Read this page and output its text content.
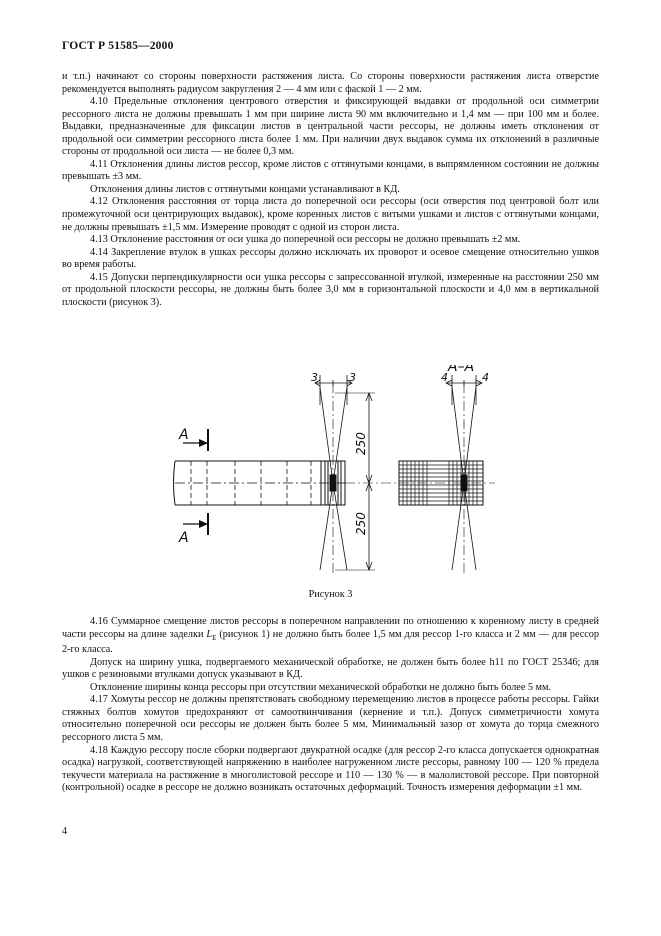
ГОСТ Р 51585—2000

и т.п.) начинают со стороны поверхности растяжения листа. Со стороны поверхности растяжения листа отверстие рекомендуется выполнять радиусом закругления 2 — 4 мм или с фаской 1 — 2 мм.

4.10 Предельные отклонения центрового отверстия и фиксирующей выдавки от продольной оси симметрии рессорного листа не должны превышать 1 мм при ширине листа 90 мм включительно и 1,4 мм — при 100 мм и более. Выдавки, предназначенные для фиксации листов в центральной части рессоры, не должны иметь отклонения от продольной оси симметрии рессорного листа более 1 мм. При наличии двух выдавок сумма их отклонений в различные стороны от продольной оси листа — не более 0,3 мм.

4.11 Отклонения длины листов рессор, кроме листов с оттянутыми концами, в выпрямленном состоянии не должны превышать ±3 мм.

Отклонения длины листов с оттянутыми концами устанавливают в КД.

4.12 Отклонения расстояния от торца листа до поперечной оси рессоры (оси отверстия под центровой болт или промежуточной оси центрирующих выдавок), кроме коренных листов с витыми ушками и листов с оттянутыми концами, не должны превышать ±1,5 мм. Измерение проводят с одной из сторон листа.

4.13 Отклонение расстояния от оси ушка до поперечной оси рессоры не должно превышать ±2 мм.

4.14 Закрепление втулок в ушках рессоры должно исключать их проворот и осевое смещение относительно ушков во время работы.

4.15 Допуски перпендикулярности оси ушка рессоры с запрессованной втулкой, измеренные на расстоянии 250 мм от продольной плоскости рессоры, не должны быть более 3,0 мм в горизонтальной плоскости и 4,0 мм в вертикальной плоскости (рисунок 3).

А
А
3	3
250
250
4	4
А–А
Рисунок 3

4.16 Суммарное смещение листов рессоры в поперечном направлении по отношению к коренному листу в средней части рессоры на длине заделки $L_E$ (рисунок 1) не должно быть более 1,5 мм для рессор 1-го класса и 2 мм — для рессор 2-го класса.

Допуск на ширину ушка, подвергаемого механической обработке, не должен быть более h11 по ГОСТ 25346; для ушков с резиновыми втулками допуск указывают в КД.

Отклонение ширины конца рессоры при отсутствии механической обработки не должно быть более 5 мм.

4.17 Хомуты рессор не должны препятствовать свободному перемещению листов в процессе работы рессоры. Гайки стяжных болтов хомутов предохраняют от самоотвинчивания (кернение и т.п.). Допуск симметричности хомута относительно поперечной оси рессоры не должен быть более 5 мм. Минимальный зазор от хомута до торца смежного рессорного листа 5 мм.

4.18 Каждую рессору после сборки подвергают двукратной осадке (для рессор 2-го класса допускается однократная осадка) нагрузкой, соответствующей напряжению в наиболее нагруженном листе рессоры, равному 100 — 120 % предела текучести материала на растяжение в многолистовой рессоре и 110 — 130 % — в малолистовой рессоре. При повторной (контрольной) осадке в рессоре не должно возникать остаточных деформаций. Точность измерения деформации ±1 мм.

4
